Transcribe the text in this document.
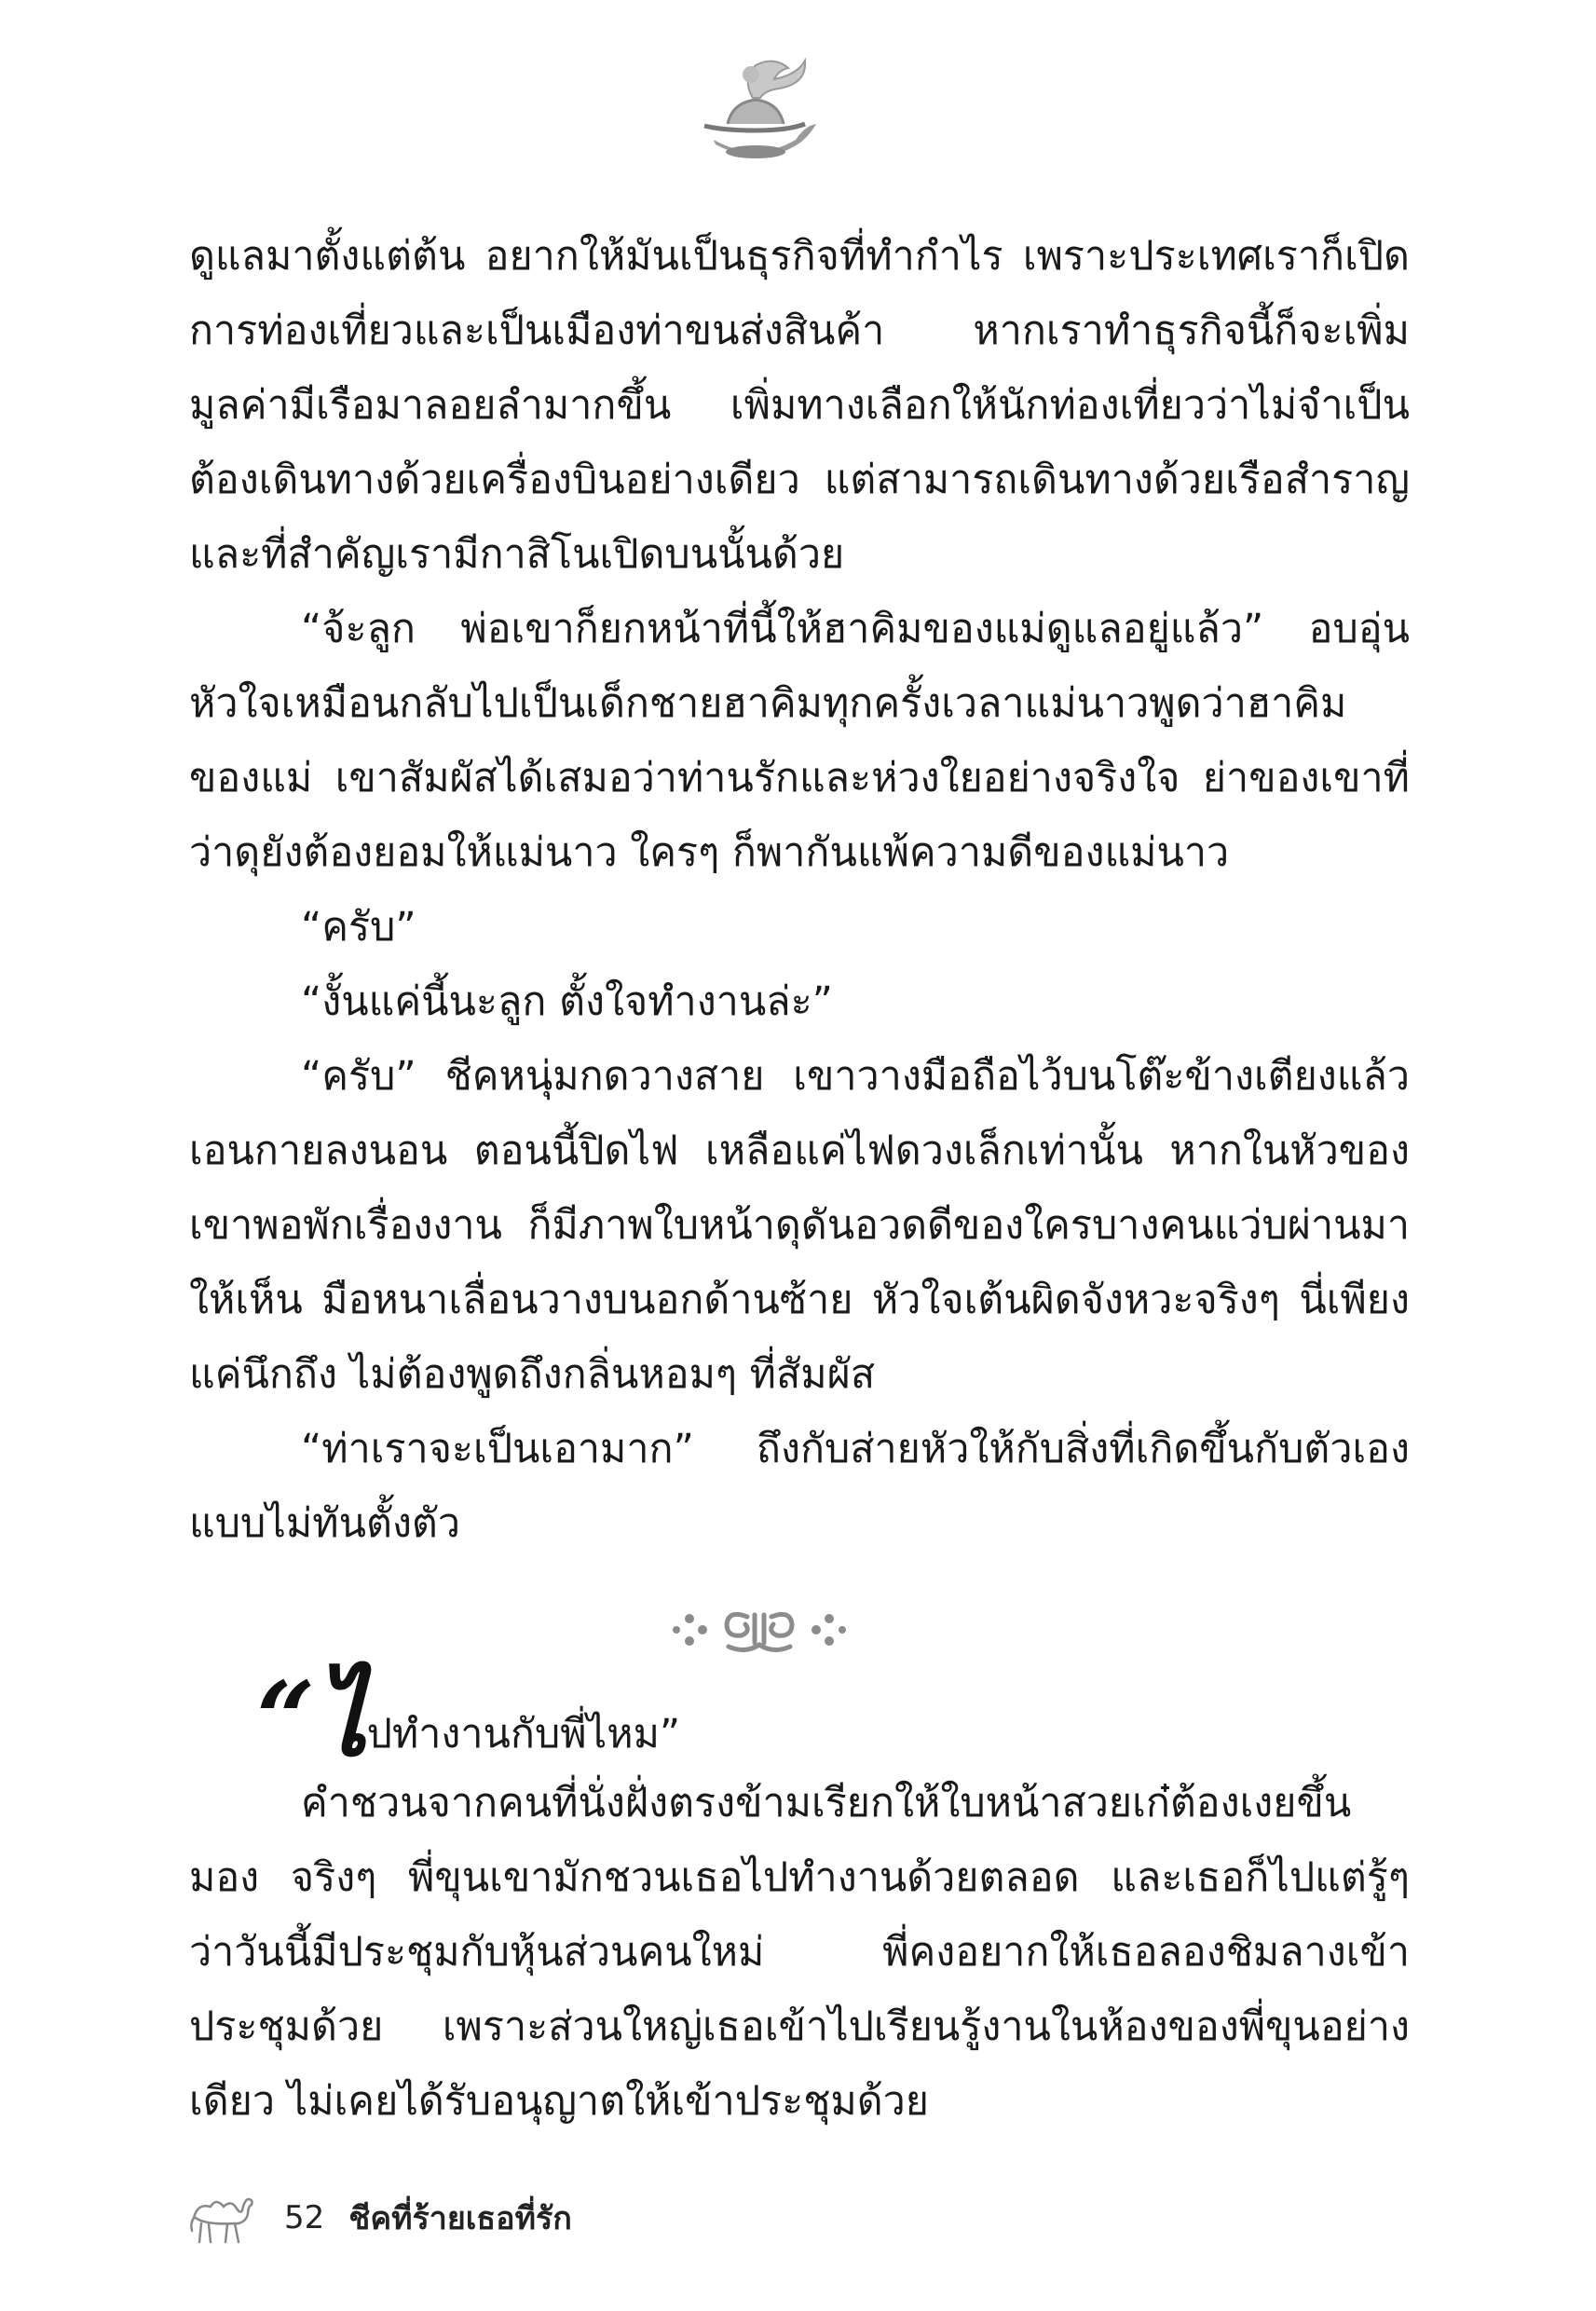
ดูแลมาตั้งแต่ต้น อยากให้มันเป็นธุรกิจที่ทำกำไร เพราะประเทศเราก็เปิดการท่องเที่ยวและเป็นเมืองท่าขนส่งสินค้า หากเราทำธุรกิจนี้ก็จะเพิ่มมูลค่ามีเรือมาลอยลำมากขึ้น เพิ่มทางเลือกให้นักท่องเที่ยวว่าไม่จำเป็นต้องเดินทางด้วยเครื่องบินอย่างเดียว แต่สามารถเดินทางด้วยเรือสำราญ และที่สำคัญเรามีกาสิโนเปิดบนนั้นด้วย

“จ้ะลูก พ่อเขาก็ยกหน้าที่นี้ให้ฮาคิมของแม่ดูแลอยู่แล้ว” อบอุ่นหัวใจเหมือนกลับไปเป็นเด็กชายฮาคิมทุกครั้งเวลาแม่นาวพูดว่าฮาคิมของแม่ เขาสัมผัสได้เสมอว่าท่านรักและห่วงใยอย่างจริงใจ ย่าของเขาที่ว่าดุยังต้องยอมให้แม่นาว ใครๆ ก็พากันแพ้ความดีของแม่นาว

“ครับ”

“งั้นแค่นี้นะลูก ตั้งใจทำงานล่ะ”

“ครับ” ชีคหนุ่มกดวางสาย เขาวางมือถือไว้บนโต๊ะข้างเตียงแล้วเอนกายลงนอน ตอนนี้ปิดไฟ เหลือแค่ไฟดวงเล็กเท่านั้น หากในหัวของเขาพอพักเรื่องงาน ก็มีภาพใบหน้าดุดันอวดดีของใครบางคนแว่บผ่านมาให้เห็น มือหนาเลื่อนวางบนอกด้านซ้าย หัวใจเต้นผิดจังหวะจริงๆ นี่เพียงแค่นึกถึง ไม่ต้องพูดถึงกลิ่นหอมๆ ที่สัมผัส

“ท่าเราจะเป็นเอามาก” ถึงกับส่ายหัวให้กับสิ่งที่เกิดขึ้นกับตัวเองแบบไม่ทันตั้งตัว

“ไปทำงานกับพี่ไหม”

คำชวนจากคนที่นั่งฝั่งตรงข้ามเรียกให้ใบหน้าสวยเก๋ต้องเงยขึ้นมอง จริงๆ พี่ขุนเขามักชวนเธอไปทำงานด้วยตลอด และเธอก็ไปแต่รู้ๆ ว่าวันนี้มีประชุมกับหุ้นส่วนคนใหม่ พี่คงอยากให้เธอลองชิมลางเข้าประชุมด้วย เพราะส่วนใหญ่เธอเข้าไปเรียนรู้งานในห้องของพี่ขุนอย่างเดียว ไม่เคยได้รับอนุญาตให้เข้าประชุมด้วย

52 ชีคที่ร้ายเธอที่รัก
